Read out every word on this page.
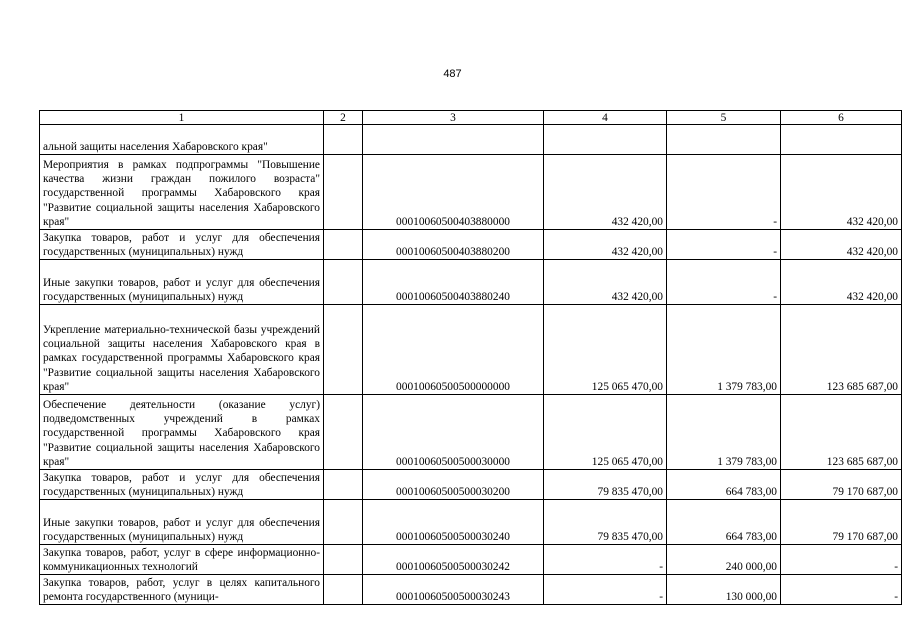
487
1	2	3	4	5	6
альной защиты населения Хабаровского края"					
Мероприятия в рамках подпрограммы "Повышение качества жизни граждан пожилого возраста" государственной программы Хабаровского края "Развитие социальной защиты населения Хабаровского края"		00010060500403880000	432 420,00	-	432 420,00
Закупка товаров, работ и услуг для обеспечения государственных (муниципальных) нужд		00010060500403880200	432 420,00	-	432 420,00
Иные закупки товаров, работ и услуг для обеспечения государственных (муниципальных) нужд		00010060500403880240	432 420,00	-	432 420,00
Укрепление материально-технической базы учреждений социальной защиты населения Хабаровского края в рамках государственной программы Хабаровского края "Развитие социальной защиты населения Хабаровского края"		00010060500500000000	125 065 470,00	1 379 783,00	123 685 687,00
Обеспечение деятельности (оказание услуг) подведомственных учреждений в рамках государственной программы Хабаровского края "Развитие социальной защиты населения Хабаровского края"		00010060500500030000	125 065 470,00	1 379 783,00	123 685 687,00
Закупка товаров, работ и услуг для обеспечения государственных (муниципальных) нужд		00010060500500030200	79 835 470,00	664 783,00	79 170 687,00
Иные закупки товаров, работ и услуг для обеспечения государственных (муниципальных) нужд		00010060500500030240	79 835 470,00	664 783,00	79 170 687,00
Закупка товаров, работ, услуг в сфере информационно-коммуникационных технологий		00010060500500030242	-	240 000,00	-
Закупка товаров, работ, услуг в целях капитального ремонта государственного (муници-		00010060500500030243	-	130 000,00	-
